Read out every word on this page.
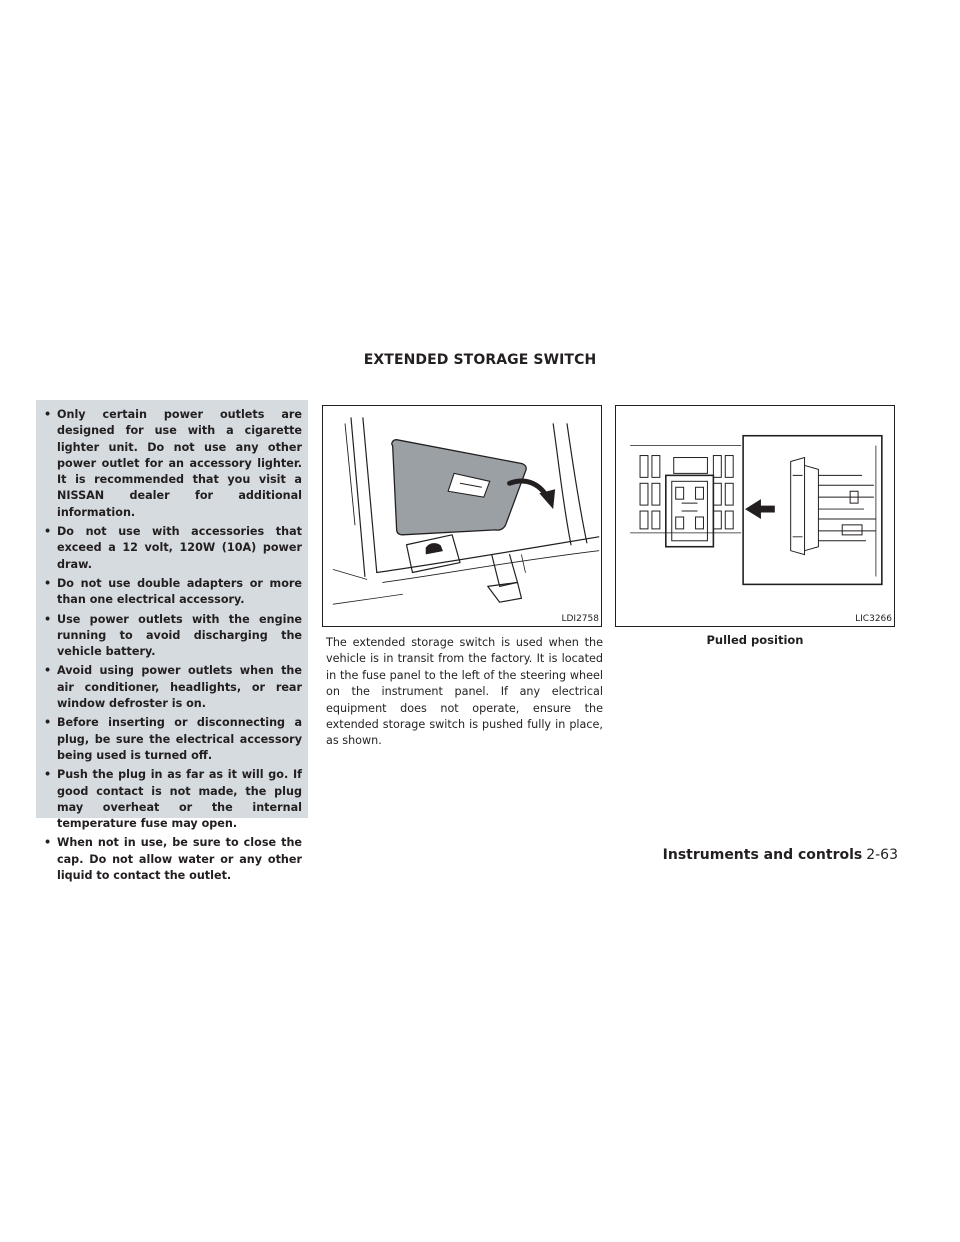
EXTENDED STORAGE SWITCH
• Only certain power outlets are designed for use with a cigarette lighter unit. Do not use any other power outlet for an accessory lighter. It is recommended that you visit a NISSAN dealer for additional information.
• Do not use with accessories that exceed a 12 volt, 120W (10A) power draw.
• Do not use double adapters or more than one electrical accessory.
• Use power outlets with the engine running to avoid discharging the vehicle battery.
• Avoid using power outlets when the air conditioner, headlights, or rear window defroster is on.
• Before inserting or disconnecting a plug, be sure the electrical accessory being used is turned off.
• Push the plug in as far as it will go. If good contact is not made, the plug may overheat or the internal temperature fuse may open.
• When not in use, be sure to close the cap. Do not allow water or any other liquid to contact the outlet.
LDI2758	LIC3266
Pulled position

The extended storage switch is used when the vehicle is in transit from the factory. It is located in the fuse panel to the left of the steering wheel on the instrument panel. If any electrical equipment does not operate, ensure the extended storage switch is pushed fully in place, as shown.

Instruments and controls 2-63
